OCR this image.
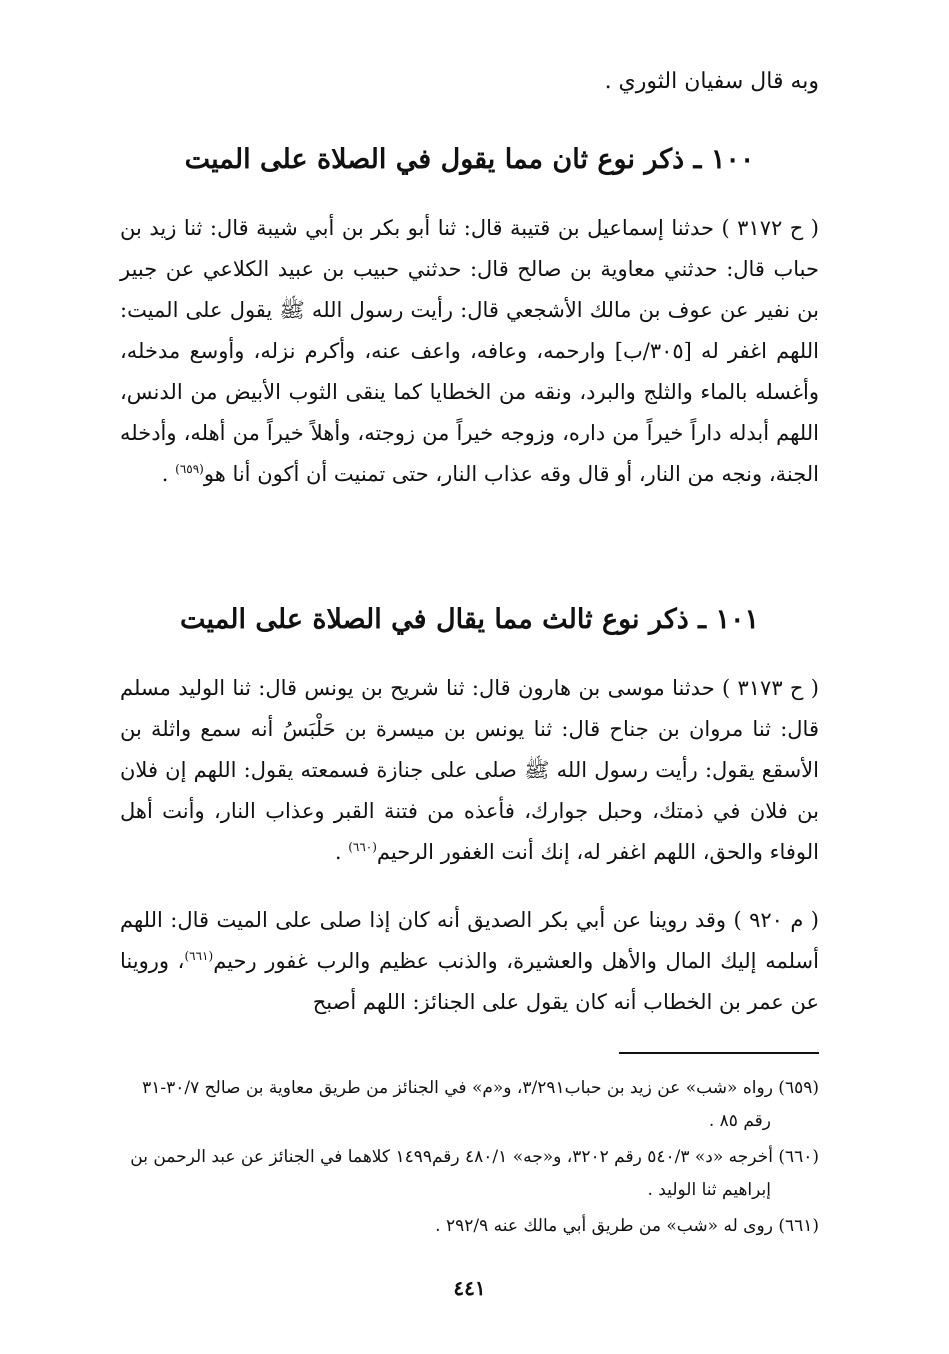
وبه قال سفيان الثوري .
١٠٠ ـ ذكر نوع ثان مما يقول في الصلاة على الميت

( ح ٣١٧٢ ) حدثنا إسماعيل بن قتيبة قال: ثنا أبو بكر بن أبي شيبة قال: ثنا زيد بن حباب قال: حدثني معاوية بن صالح قال: حدثني حبيب بن عبيد الكلاعي عن جبير بن نفير عن عوف بن مالك الأشجعي قال: رأيت رسول الله ﷺ يقول على الميت: اللهم اغفر له [٣٠٥/ب] وارحمه، وعافه، واعف عنه، وأكرم نزله، وأوسع مدخله، وأغسله بالماء والثلج والبرد، ونقه من الخطايا كما ينقى الثوب الأبيض من الدنس، اللهم أبدله داراً خيراً من داره، وزوجه خيراً من زوجته، وأهلاً خيراً من أهله، وأدخله الجنة، ونجه من النار، أو قال وقه عذاب النار، حتى تمنيت أن أكون أنا هو$^{(٦٥٩)}$ .

١٠١ ـ ذكر نوع ثالث مما يقال في الصلاة على الميت

( ح ٣١٧٣ ) حدثنا موسى بن هارون قال: ثنا شريح بن يونس قال: ثنا الوليد مسلم قال: ثنا مروان بن جناح قال: ثنا يونس بن ميسرة بن حَلْبَسُ أنه سمع واثلة بن الأسقع يقول: رأيت رسول الله ﷺ صلى على جنازة فسمعته يقول: اللهم إن فلان بن فلان في ذمتك، وحبل جوارك، فأعذه من فتنة القبر وعذاب النار، وأنت أهل الوفاء والحق، اللهم اغفر له، إنك أنت الغفور الرحيم$^{(٦٦٠)}$ .

( م ٩٢٠ ) وقد روينا عن أبي بكر الصديق أنه كان إذا صلى على الميت قال: اللهم أسلمه إليك المال والأهل والعشيرة، والذنب عظيم والرب غفور رحيم$^{(٦٦١)}$، وروينا عن عمر بن الخطاب أنه كان يقول على الجنائز: اللهم أصبح

(٦٥٩) رواه «شب» عن زيد بن حباب٣/٢٩١، و«م» في الجنائز من طريق معاوية بن صالح ٣٠/٧-٣١ رقم ٨٥ .

(٦٦٠) أخرجه «د» ٥٤٠/٣ رقم ٣٢٠٢، و«جه» ٤٨٠/١ رقم١٤٩٩ كلاهما في الجنائز عن عبد الرحمن بن إبراهيم ثنا الوليد .

(٦٦١) روى له «شب» من طريق أبي مالك عنه ٢٩٢/٩ .

٤٤١
